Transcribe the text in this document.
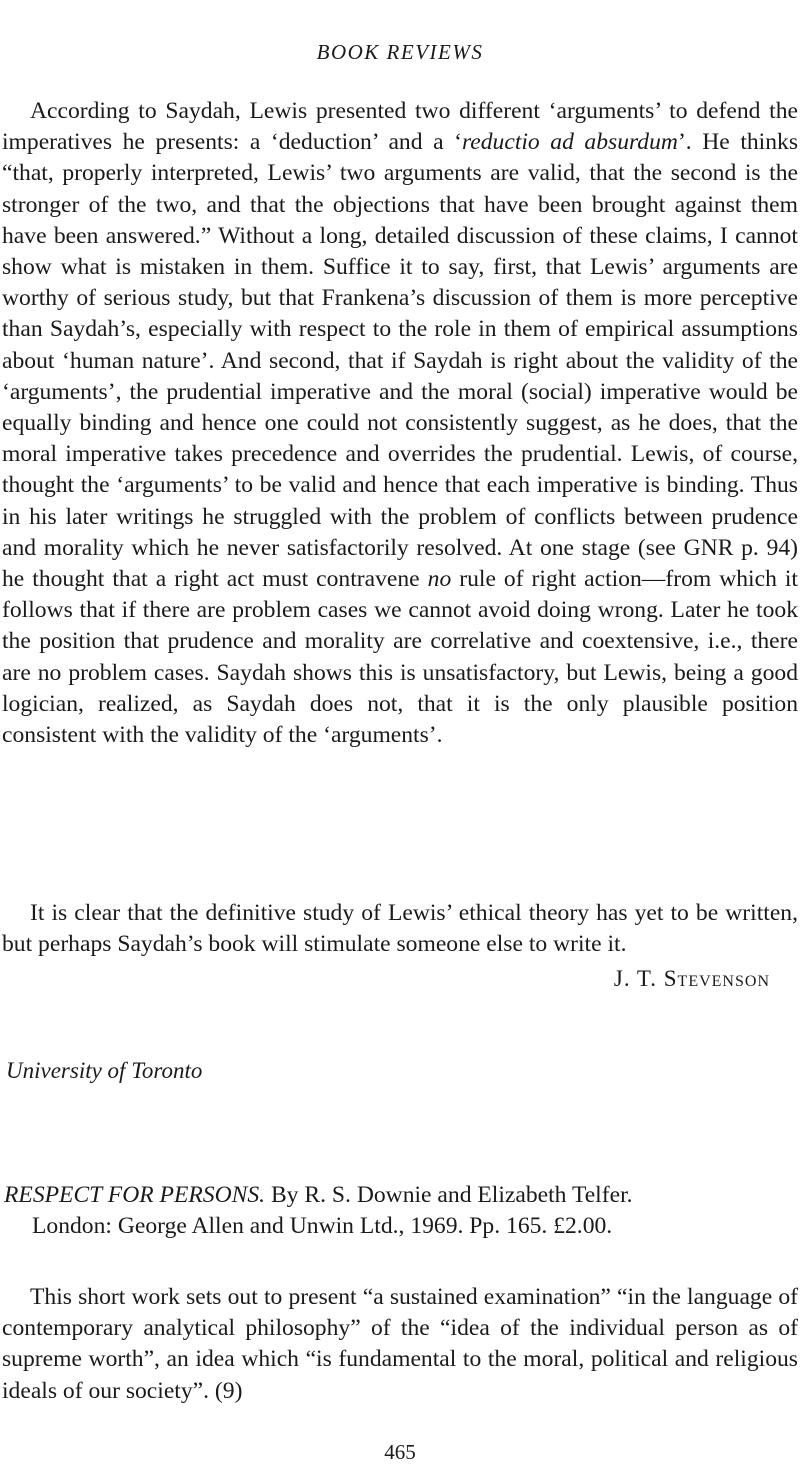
BOOK REVIEWS

According to Saydah, Lewis presented two different ‘arguments’ to defend the imperatives he presents: a ‘deduction’ and a ‘reductio ad absurdum’. He thinks “that, properly interpreted, Lewis’ two arguments are valid, that the second is the stronger of the two, and that the objections that have been brought against them have been answered.” Without a long, detailed discussion of these claims, I cannot show what is mistaken in them. Suffice it to say, first, that Lewis’ arguments are worthy of serious study, but that Frankena’s discussion of them is more perceptive than Saydah’s, especially with respect to the role in them of empirical assumptions about ‘human nature’. And second, that if Saydah is right about the validity of the ‘arguments’, the prudential imperative and the moral (social) imperative would be equally binding and hence one could not consistently suggest, as he does, that the moral imperative takes precedence and overrides the prudential. Lewis, of course, thought the ‘arguments’ to be valid and hence that each imperative is binding. Thus in his later writings he struggled with the problem of conflicts between prudence and morality which he never satisfactorily resolved. At one stage (see GNR p. 94) he thought that a right act must contravene no rule of right action—from which it follows that if there are problem cases we cannot avoid doing wrong. Later he took the position that prudence and morality are correlative and coextensive, i.e., there are no problem cases. Saydah shows this is unsatisfactory, but Lewis, being a good logician, realized, as Saydah does not, that it is the only plausible position consistent with the validity of the ‘arguments’.

It is clear that the definitive study of Lewis’ ethical theory has yet to be written, but perhaps Saydah’s book will stimulate someone else to write it.

J. T. Stevenson
University of Toronto
RESPECT FOR PERSONS. By R. S. Downie and Elizabeth Telfer.
London: George Allen and Unwin Ltd., 1969. Pp. 165. £2.00.

This short work sets out to present “a sustained examination” “in the language of contemporary analytical philosophy” of the “idea of the individual person as of supreme worth”, an idea which “is fundamental to the moral, political and religious ideals of our society”. (9)

465
